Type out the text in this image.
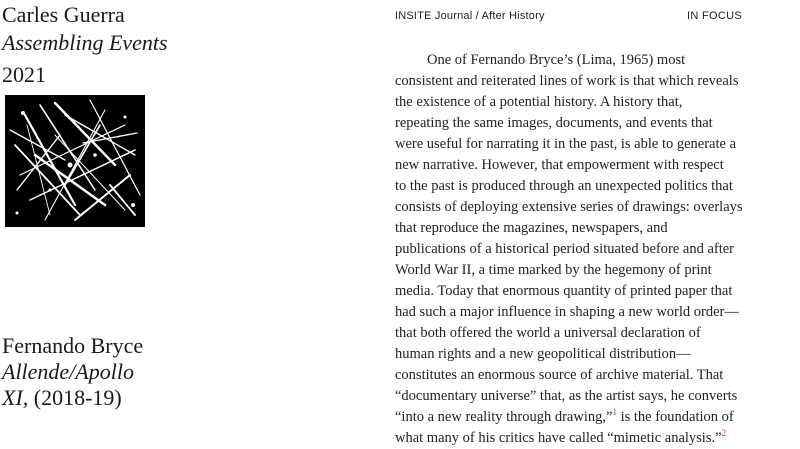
Carles Guerra
Assembling Events
2021
Fernando Bryce
Allende/Apollo
XI, (2018-19)
INSITE Journal / After History	IN FOCUS
One of Fernando Bryce’s (Lima, 1965) most
consistent and reiterated lines of work is that which reveals
the existence of a potential history. A history that,
repeating the same images, documents, and events that
were useful for narrating it in the past, is able to generate a
new narrative. However, that empowerment with respect
to the past is produced through an unexpected politics that
consists of deploying extensive series of drawings: overlays
that reproduce the magazines, newspapers, and
publications of a historical period situated before and after
World War II, a time marked by the hegemony of print
media. Today that enormous quantity of printed paper that
had such a major influence in shaping a new world order—
that both offered the world a universal declaration of
human rights and a new geopolitical distribution—
constitutes an enormous source of archive material. That
“documentary universe” that, as the artist says, he converts
“into a new reality through drawing,”$^1$ is the foundation of
what many of his critics have called “mimetic analysis.”$^2$
